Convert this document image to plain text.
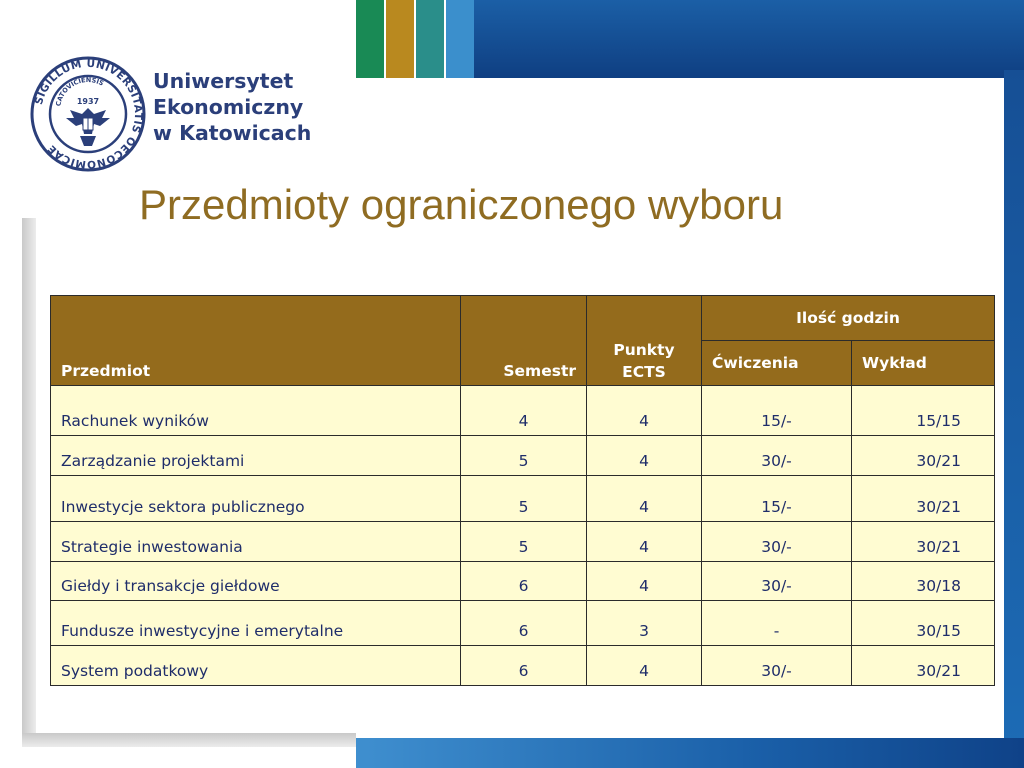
SIGILLUM UNIVERSITATIS OECONOMICAE
CATOVICIENSIS
1937
Uniwersytet
Ekonomiczny
w Katowicach
Przedmioty ograniczonego wyboru
Przedmiot	Semestr	Punkty ECTS	Ilość godzin	
			Ćwiczenia	Wykład
Rachunek wyników	4	4	15/-	15/15
Zarządzanie projektami	5	4	30/-	30/21
Inwestycje sektora publicznego	5	4	15/-	30/21
Strategie inwestowania	5	4	30/-	30/21
Giełdy i transakcje giełdowe	6	4	30/-	30/18
Fundusze inwestycyjne i emerytalne	6	3	-	30/15
System podatkowy	6	4	30/-	30/21
